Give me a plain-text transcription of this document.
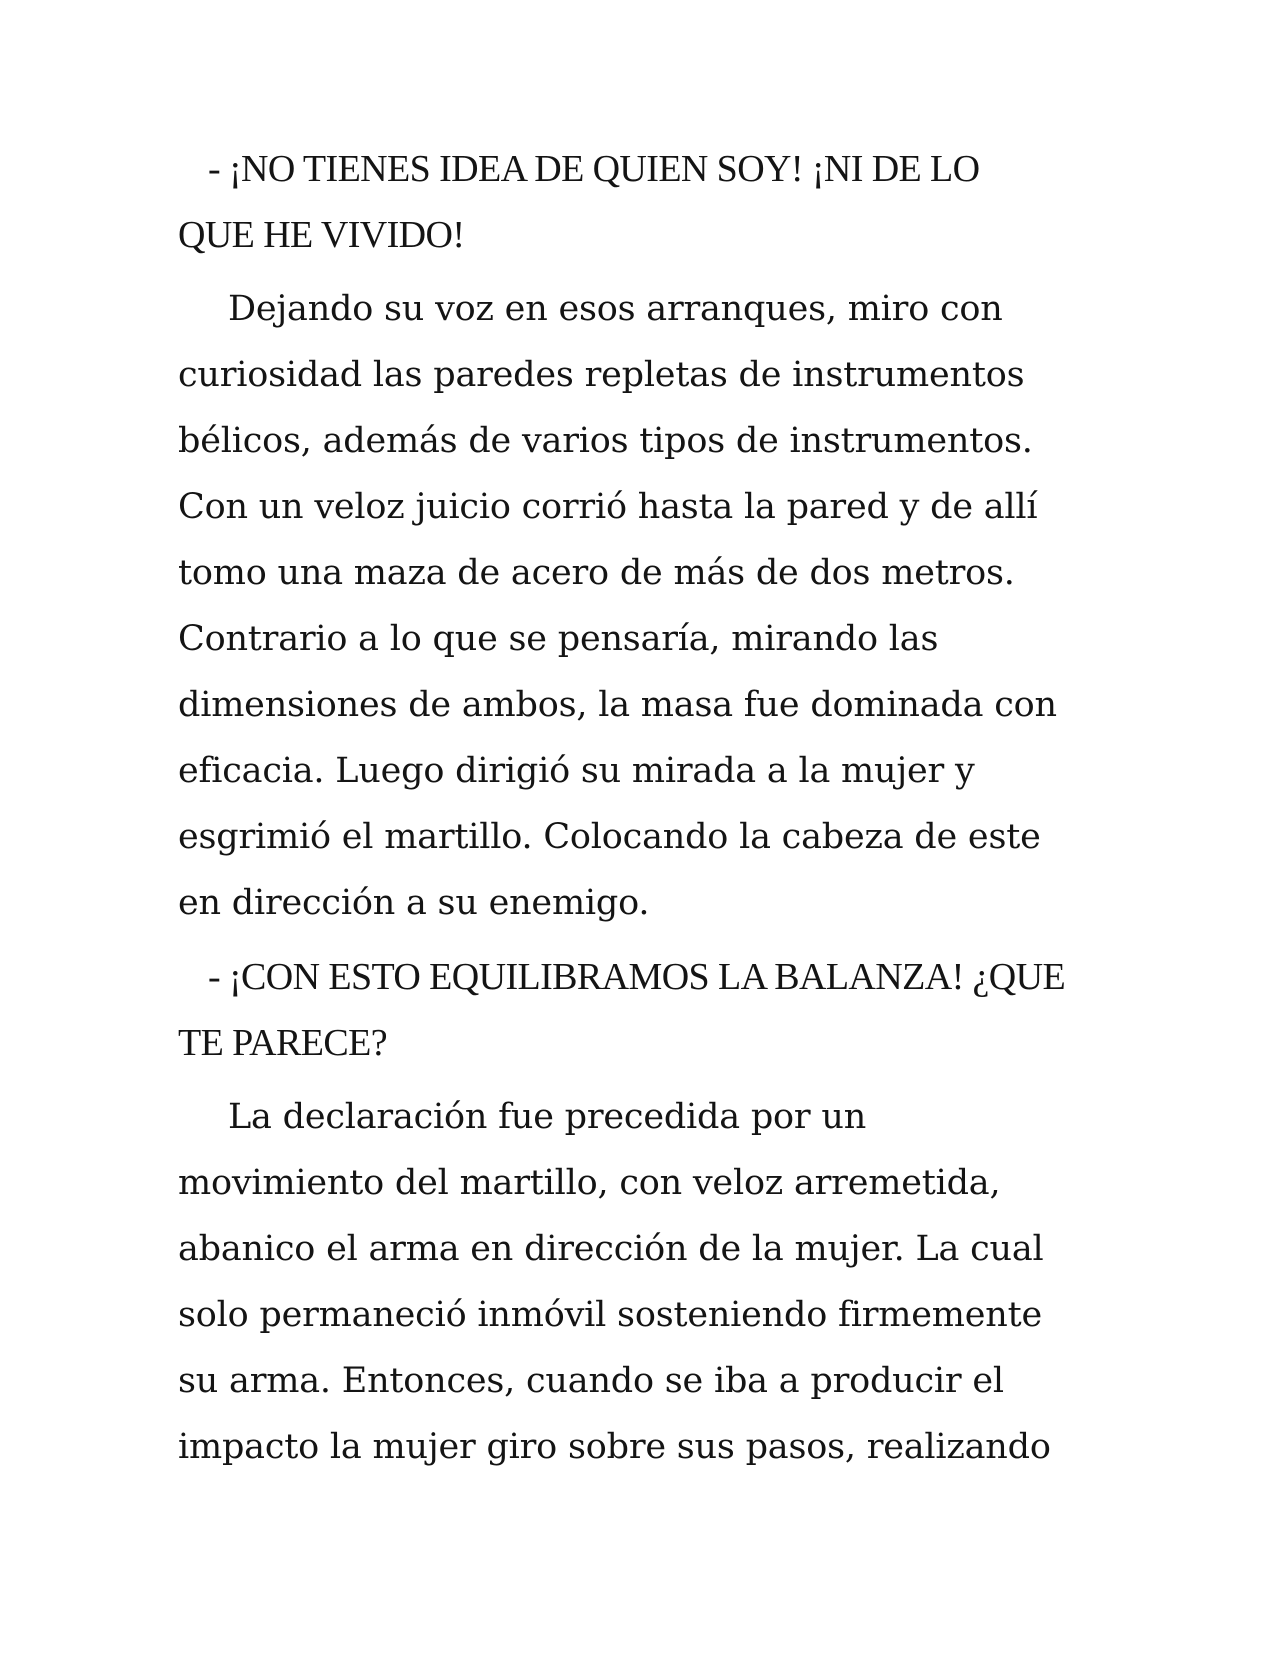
- ¡NO TIENES IDEA DE QUIEN SOY! ¡NI DE LO
QUE HE VIVIDO!
Dejando su voz en esos arranques, miro con
curiosidad las paredes repletas de instrumentos
bélicos, además de varios tipos de instrumentos.
Con un veloz juicio corrió hasta la pared y de allí
tomo una maza de acero de más de dos metros.
Contrario a lo que se pensaría, mirando las
dimensiones de ambos, la masa fue dominada con
eficacia. Luego dirigió su mirada a la mujer y
esgrimió el martillo. Colocando la cabeza de este
en dirección a su enemigo.
- ¡CON ESTO EQUILIBRAMOS LA BALANZA! ¿QUE
TE PARECE?
La declaración fue precedida por un
movimiento del martillo, con veloz arremetida,
abanico el arma en dirección de la mujer. La cual
solo permaneció inmóvil sosteniendo firmemente
su arma. Entonces, cuando se iba a producir el
impacto la mujer giro sobre sus pasos, realizando
